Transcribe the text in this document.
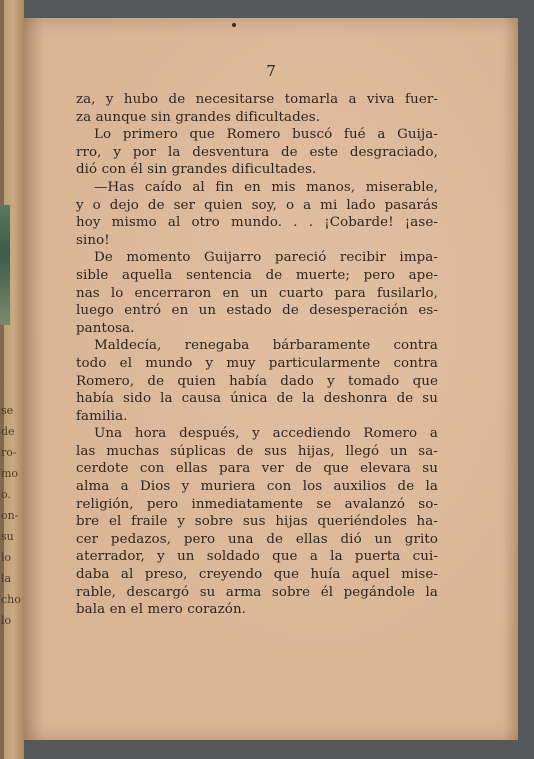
se
de
ro-
mo
o.
on-
su
lo
la
cho
lo
7
za, y hubo de necesitarse tomarla a viva fuer-
za aunque sin grandes dificultades.
Lo primero que Romero buscó fué a Guija-
rro, y por la desventura de este desgraciado,
dió con él sin grandes dificultades.
—Has caído al fin en mis manos, miserable,
y o dejo de ser quien soy, o a mi lado pasarás
hoy mismo al otro mundo. . . ¡Cobarde! ¡ase-
sino!
De momento Guijarro pareció recibir impa-
sible aquella sentencia de muerte; pero ape-
nas lo encerraron en un cuarto para fusilarlo,
luego entró en un estado de desesperación es-
pantosa.
Maldecía, renegaba bárbaramente contra
todo el mundo y muy particularmente contra
Romero, de quien había dado y tomado que
había sido la causa única de la deshonra de su
familia.
Una hora después, y accediendo Romero a
las muchas súplicas de sus hijas, llegó un sa-
cerdote con ellas para ver de que elevara su
alma a Dios y muriera con los auxilios de la
religión, pero inmediatamente se avalanzó so-
bre el fraile y sobre sus hijas queriéndoles ha-
cer pedazos, pero una de ellas dió un grito
aterrador, y un soldado que a la puerta cui-
daba al preso, creyendo que huía aquel mise-
rable, descargó su arma sobre él pegándole la
bala en el mero corazón.
